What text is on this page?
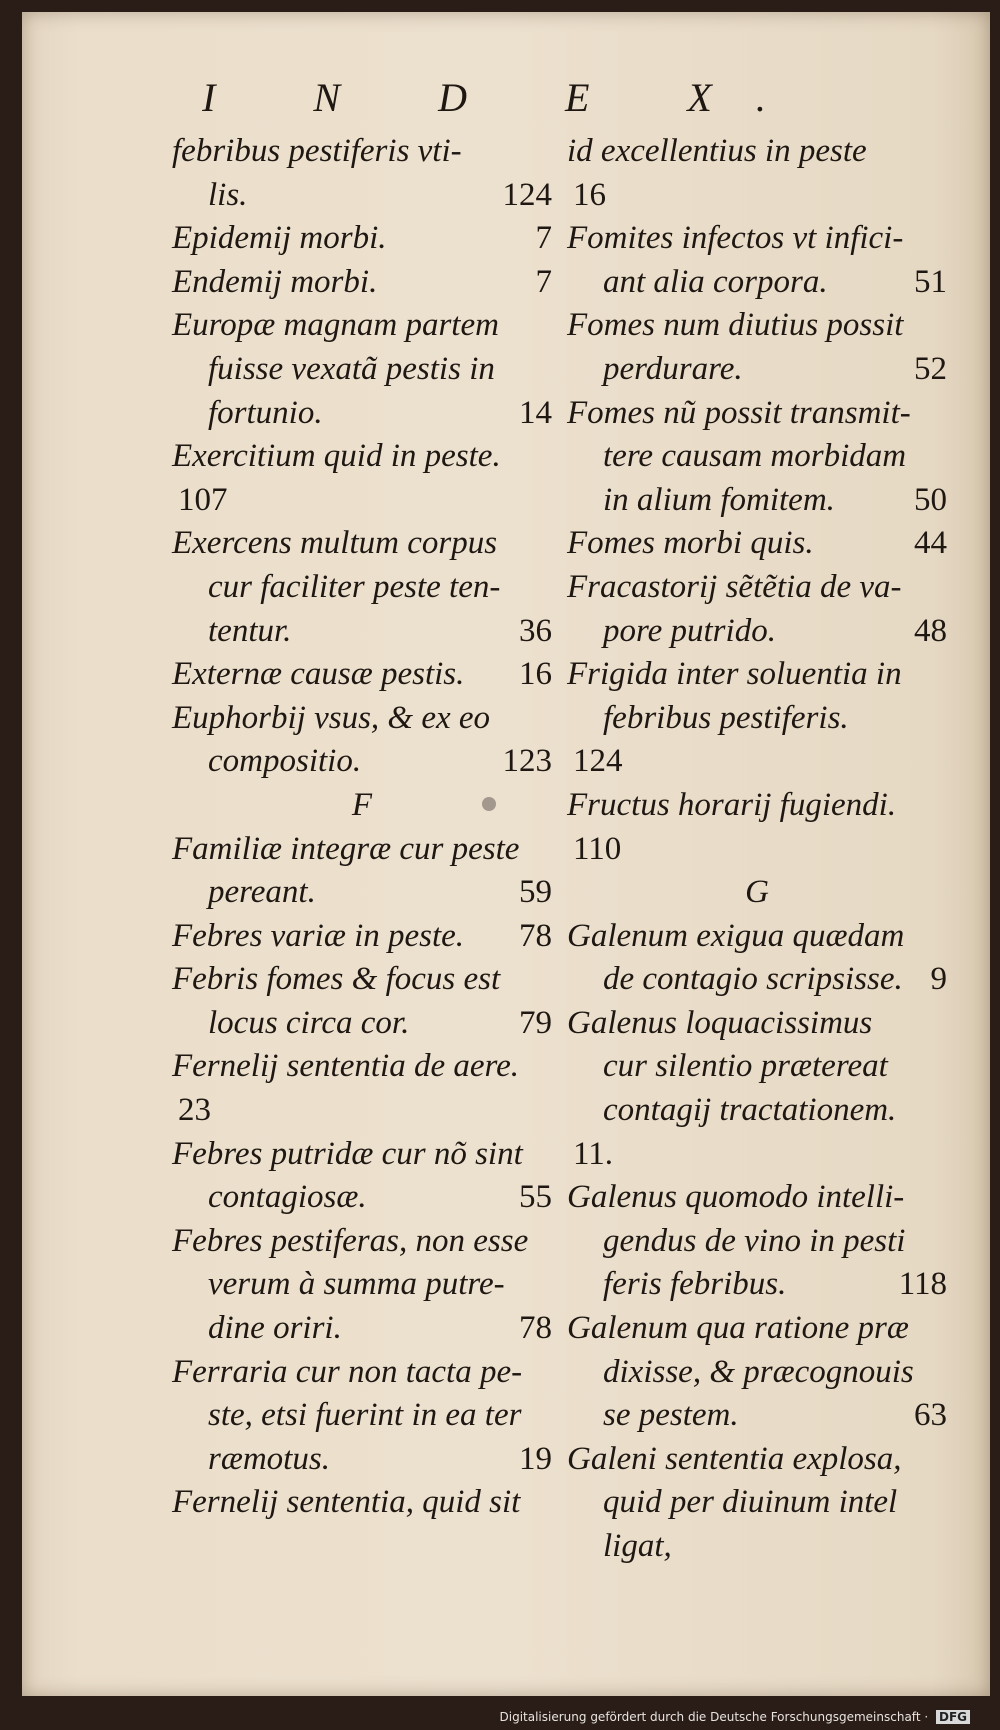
I N D E X.
febribus pestiferis vti-
lis.	124
Epidemij morbi.	7
Endemij morbi.	7
Europæ magnam partem
fuisse vexatã pestis in
fortunio.	14
Exercitium quid in peste.
107
Exercens multum corpus
cur faciliter peste ten-
tentur.	36
Externæ causæ pestis. 16
Euphorbij vsus, & ex eo
compositio.	123
F
Familiæ integræ cur peste
pereant.	59
Febres variæ in peste. 78
Febris fomes & focus est
locus circa cor.	79
Fernelij sententia de aere.
23
Febres putridæ cur nõ sint
contagiosæ.	55
Febres pestiferas, non esse
verum à summa putre-
dine oriri.	78
Ferraria cur non tacta pe-
ste, etsi fuerint in ea ter
ræmotus.	19
Fernelij sententia, quid sit
id excellentius in peste
16
Fomites infectos vt infici-
ant alia corpora.	51
Fomes num diutius possit
perdurare.	52
Fomes nũ possit transmit-
tere causam morbidam
in alium fomitem. 50
Fomes morbi quis.	44
Fracastorij sẽtẽtia de va-
pore putrido.	48
Frigida inter soluentia in
febribus pestiferis.
124
Fructus horarij fugiendi.
110
G
Galenum exigua quædam
de contagio scripsisse. 9
Galenus loquacissimus
cur silentio prætereat
contagij tractationem.
11.
Galenus quomodo intelli-
gendus de vino in pesti
feris febribus.	118
Galenum qua ratione præ
dixisse, & præcognouis
se pestem.	63
Galeni sententia explosa,
quid per diuinum intel
ligat,
Digitalisierung gefördert durch die Deutsche Forschungsgemeinschaft · DFG
